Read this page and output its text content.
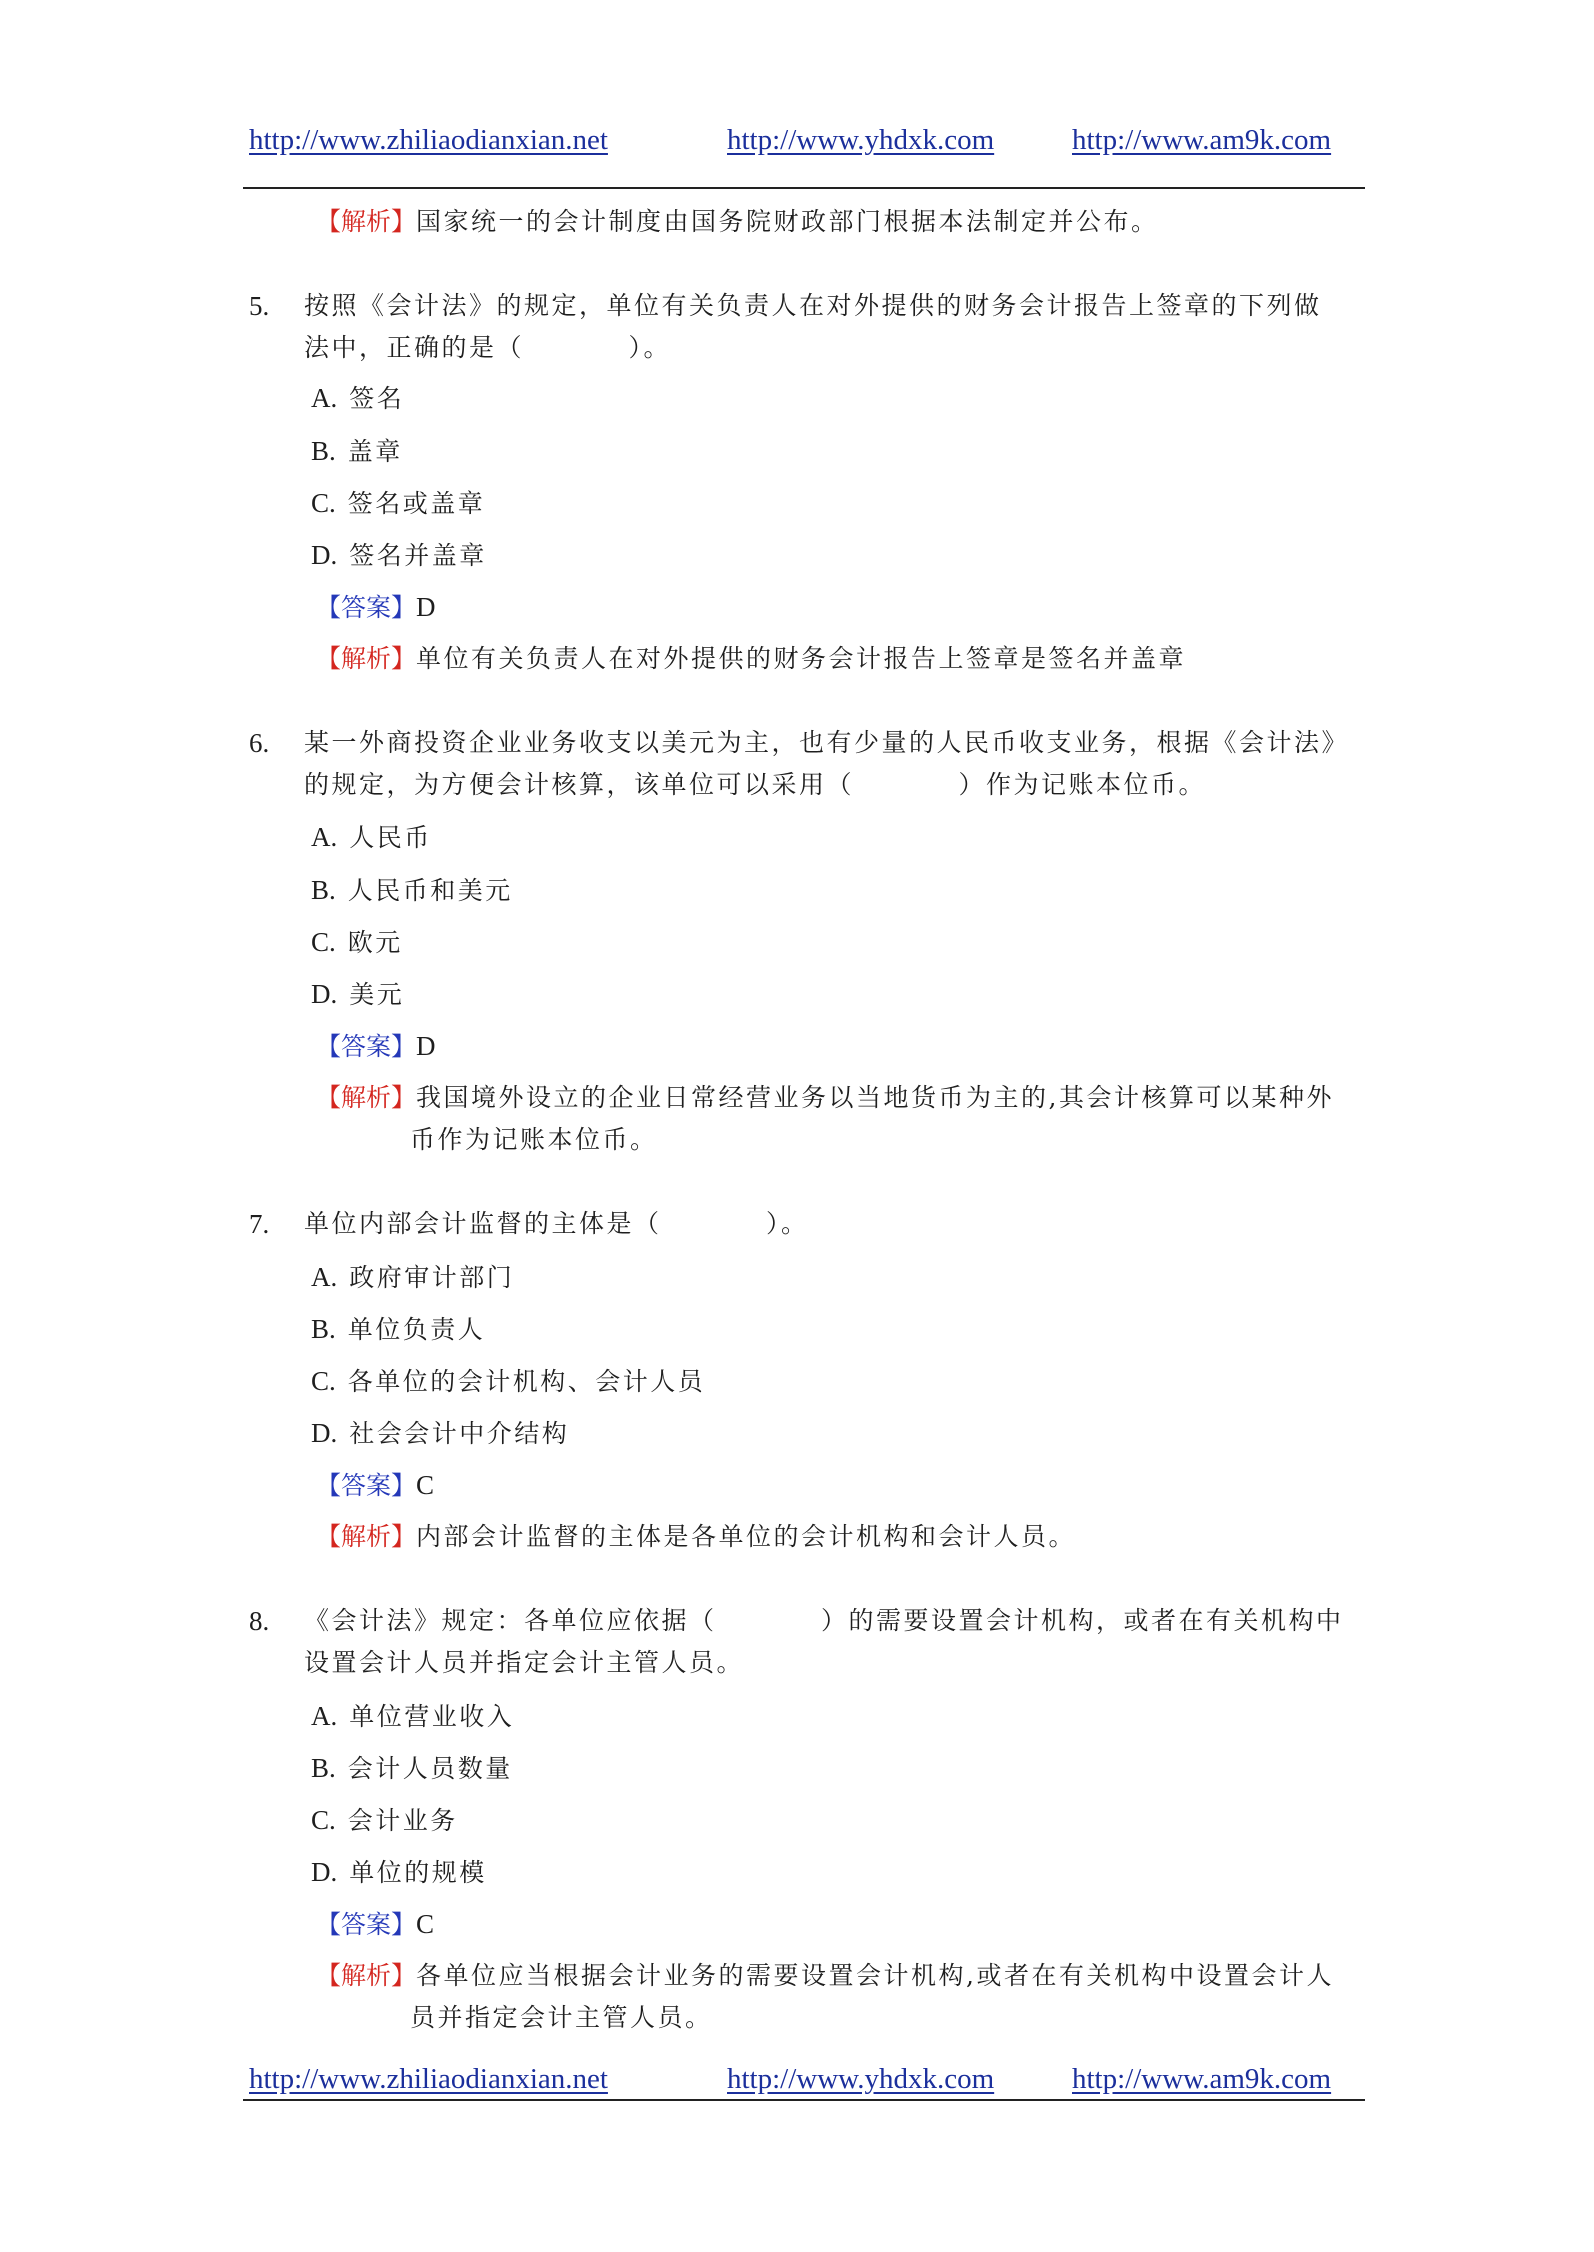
http://www.zhiliaodianxian.net	http://www.yhdxk.com	http://www.am9k.com
【解析】国家统一的会计制度由国务院财政部门根据本法制定并公布。
5. 按照《会计法》的规定，单位有关负责人在对外提供的财务会计报告上签章的下列做
法中，正确的是（          ）。
A. 签名
B. 盖章
C. 签名或盖章
D. 签名并盖章
【答案】D
【解析】单位有关负责人在对外提供的财务会计报告上签章是签名并盖章
6. 某一外商投资企业业务收支以美元为主，也有少量的人民币收支业务，根据《会计法》
的规定，为方便会计核算，该单位可以采用（          ）作为记账本位币。
A. 人民币
B. 人民币和美元
C. 欧元
D. 美元
【答案】D
【解析】我国境外设立的企业日常经营业务以当地货币为主的,其会计核算可以某种外
币作为记账本位币。
7. 单位内部会计监督的主体是（          ）。
A. 政府审计部门
B. 单位负责人
C. 各单位的会计机构、会计人员
D. 社会会计中介结构
【答案】C
【解析】内部会计监督的主体是各单位的会计机构和会计人员。
8. 《会计法》规定：各单位应依据（          ）的需要设置会计机构，或者在有关机构中
设置会计人员并指定会计主管人员。
A. 单位营业收入
B. 会计人员数量
C. 会计业务
D. 单位的规模
【答案】C
【解析】各单位应当根据会计业务的需要设置会计机构,或者在有关机构中设置会计人
员并指定会计主管人员。
http://www.zhiliaodianxian.net	http://www.yhdxk.com	http://www.am9k.com
